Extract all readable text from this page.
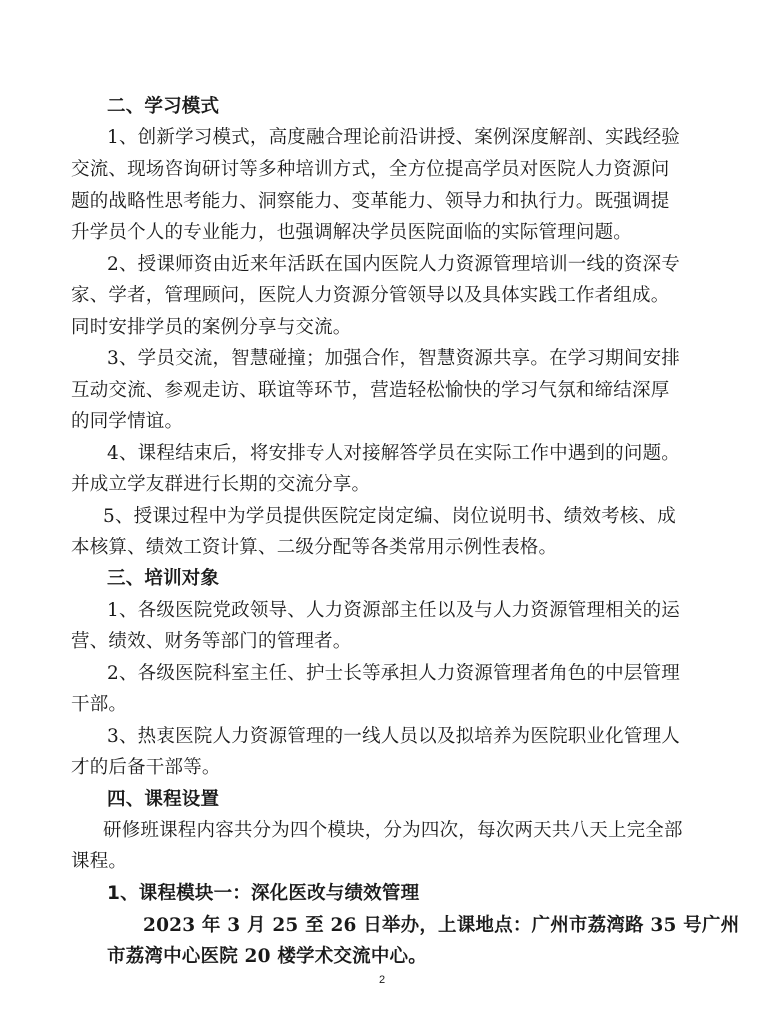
二、学习模式
1、创新学习模式，高度融合理论前沿讲授、案例深度解剖、实践经验
交流、现场咨询研讨等多种培训方式，全方位提高学员对医院人力资源问
题的战略性思考能力、洞察能力、变革能力、领导力和执行力。既强调提
升学员个人的专业能力，也强调解决学员医院面临的实际管理问题。
2、授课师资由近来年活跃在国内医院人力资源管理培训一线的资深专
家、学者，管理顾问，医院人力资源分管领导以及具体实践工作者组成。
同时安排学员的案例分享与交流。
3、学员交流，智慧碰撞；加强合作，智慧资源共享。在学习期间安排
互动交流、参观走访、联谊等环节，营造轻松愉快的学习气氛和缔结深厚
的同学情谊。
4、课程结束后，将安排专人对接解答学员在实际工作中遇到的问题。
并成立学友群进行长期的交流分享。
5、授课过程中为学员提供医院定岗定编、岗位说明书、绩效考核、成
本核算、绩效工资计算、二级分配等各类常用示例性表格。
三、培训对象
1、各级医院党政领导、人力资源部主任以及与人力资源管理相关的运
营、绩效、财务等部门的管理者。
2、各级医院科室主任、护士长等承担人力资源管理者角色的中层管理
干部。
3、热衷医院人力资源管理的一线人员以及拟培养为医院职业化管理人
才的后备干部等。
四、课程设置
研修班课程内容共分为四个模块，分为四次，每次两天共八天上完全部
课程。
1、课程模块一：深化医改与绩效管理
2023 年 3 月 25 至 26 日举办，上课地点：广州市荔湾路 35 号广州
市荔湾中心医院 20 楼学术交流中心。
2
